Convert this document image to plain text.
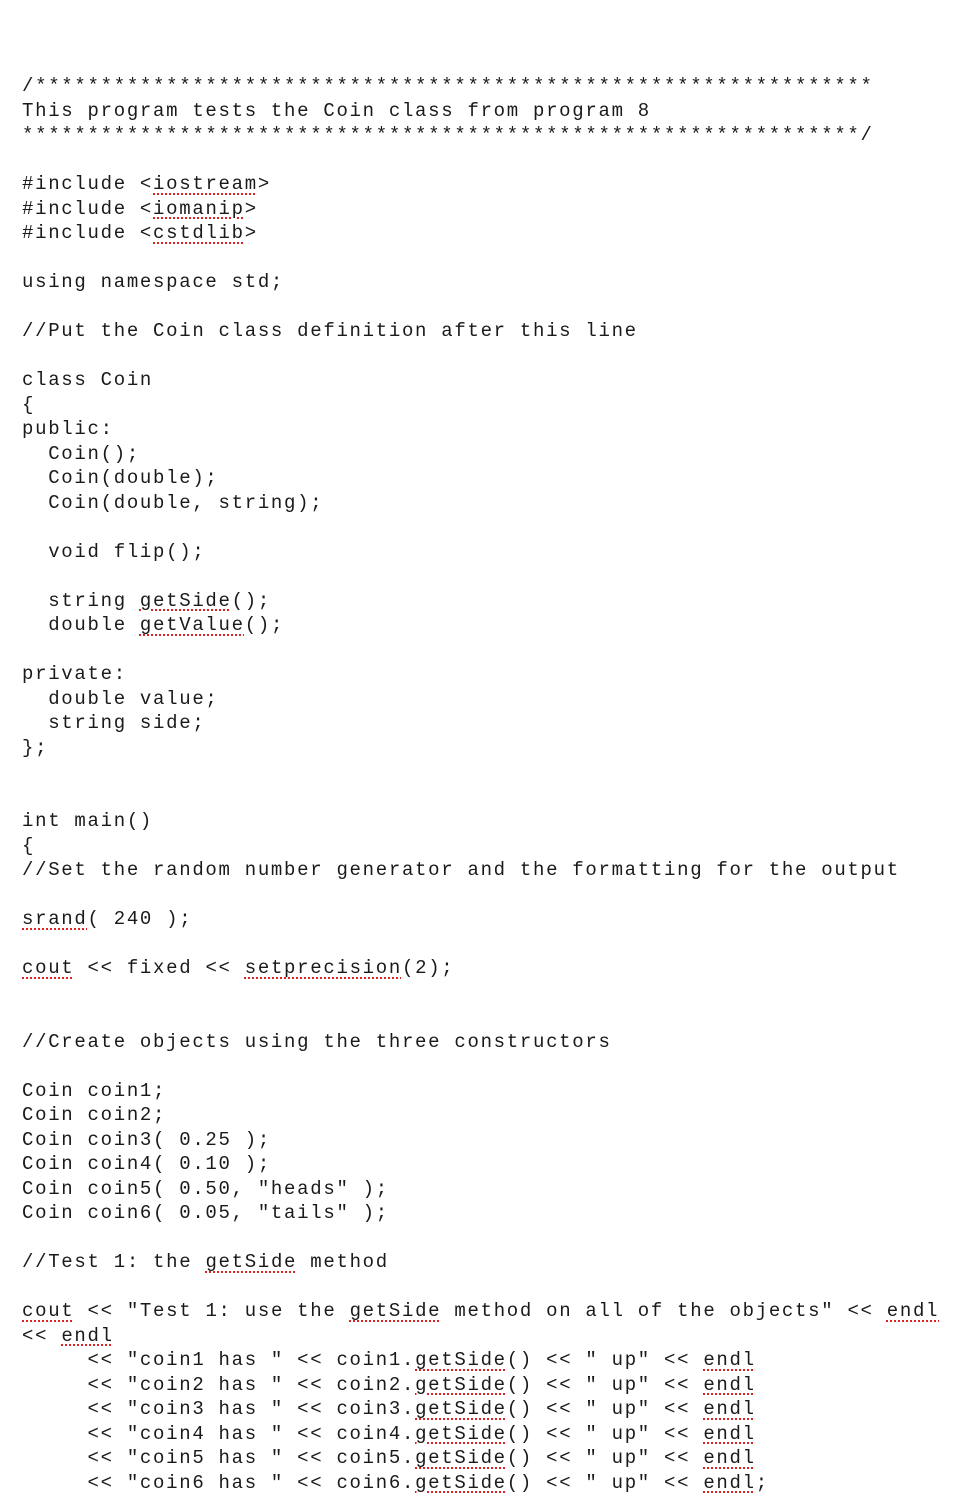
/****************************************************************
This program tests the Coin class from program 8
****************************************************************/
#include <iostream>
#include <iomanip>
#include <cstdlib>
using namespace std;
//Put the Coin class definition after this line
class Coin
{
public:
Coin();
Coin(double);
Coin(double, string);
void flip();
string getSide();
double getValue();
private:
double value;
string side;
};
int main()
{
//Set the random number generator and the formatting for the output
srand( 240 );
cout << fixed << setprecision(2);
//Create objects using the three constructors
Coin coin1;
Coin coin2;
Coin coin3( 0.25 );
Coin coin4( 0.10 );
Coin coin5( 0.50, "heads" );
Coin coin6( 0.05, "tails" );
//Test 1: the getSide method
cout << "Test 1: use the getSide method on all of the objects" << endl
<< endl
<< "coin1 has " << coin1.getSide() << " up" << endl
<< "coin2 has " << coin2.getSide() << " up" << endl
<< "coin3 has " << coin3.getSide() << " up" << endl
<< "coin4 has " << coin4.getSide() << " up" << endl
<< "coin5 has " << coin5.getSide() << " up" << endl
<< "coin6 has " << coin6.getSide() << " up" << endl;
